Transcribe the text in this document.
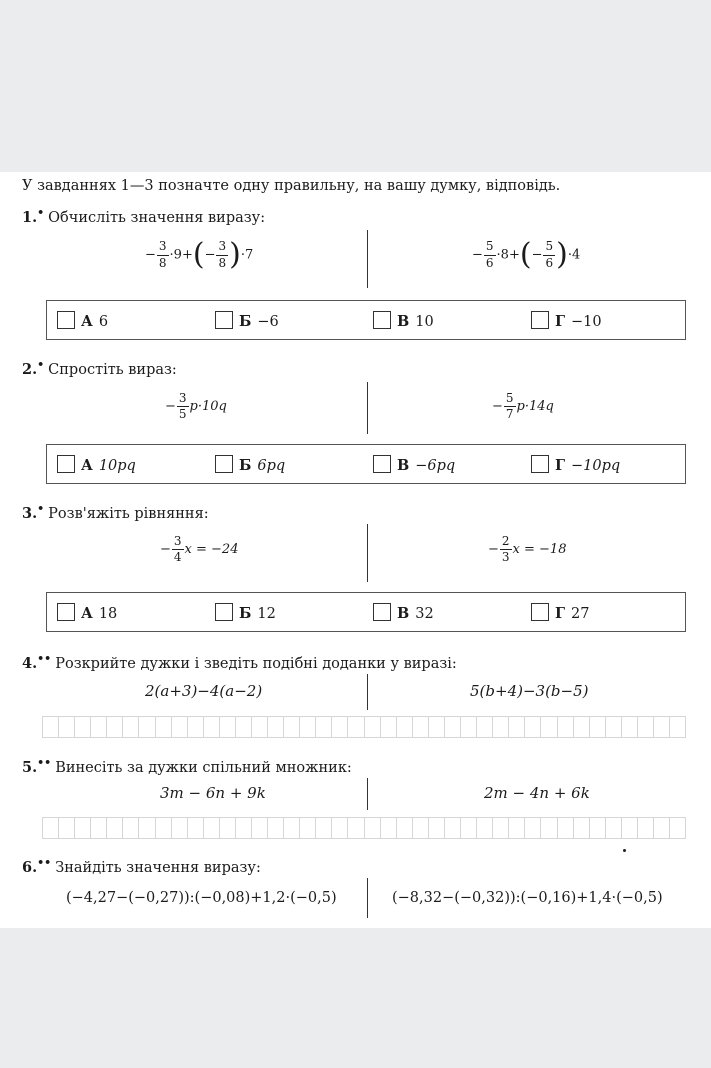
У завданнях 1—3 позначте одну правильну, на вашу думку, відповідь.
1.• Обчисліть значення виразу:
− $\frac{3}{8} \cdot 9+(- \frac{3}{8} )\cdot 7$	− $\frac{5}{6} \cdot 8+(- \frac{5}{6} )\cdot 4$
А 6	Б −6	В 10	Г −10
2.• Спростіть вираз:
− $\frac{3}{5} p\cdot 10q$	− $\frac{5}{7} p\cdot 14q$
А 10pq	Б 6pq	В −6pq	Г −10pq
3.• Розв'яжіть рівняння:
− $\frac{3}{4}$ x = −24	− $\frac{2}{3}$ x = −18
А 18	Б 12	В 32	Г 27
4.•• Розкрийте дужки і зведіть подібні доданки у виразі:
2(a+3)−4(a−2)	5(b+4)−3(b−5)
5.•• Винесіть за дужки спільний множник:
3m − 6n + 9k	2m − 4n + 6k
6.•• Знайдіть значення виразу:
(−4,27−(−0,27)):(−0,08)+1,2·(−0,5)	(−8,32−(−0,32)):(−0,16)+1,4·(−0,5)
